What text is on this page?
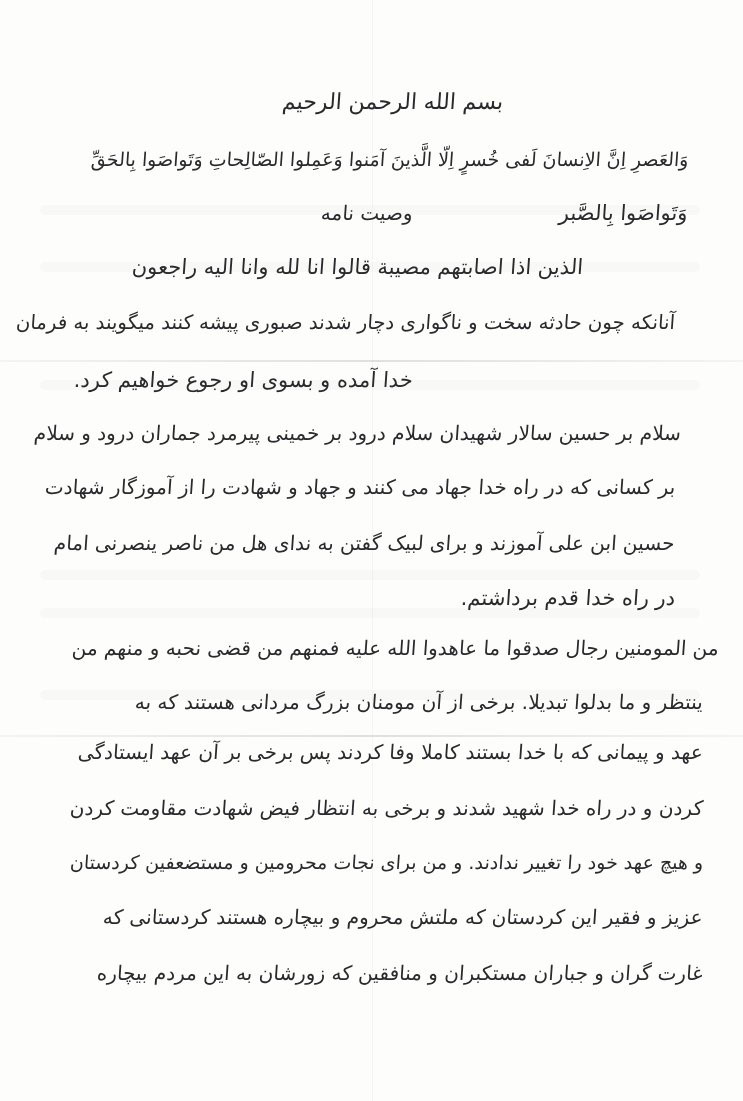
بسم الله الرحمن الرحیم
وَالعَصرِ اِنَّ الاِنسانَ لَفی خُسرٍ اِلّا الَّذینَ آمَنوا وَعَمِلوا الصّالِحاتِ وَتَواصَوا بِالحَقِّ
وَتَواصَوا بِالصَّبر
وصیت نامه
الذین اذا اصابتهم مصیبة قالوا انا لله وانا الیه راجعون
آنانکه چون حادثه سخت و ناگواری دچار شدند صبوری پیشه کنند میگویند به فرمان
خدا آمده و بسوی او رجوع خواهیم کرد.
سلام بر حسین سالار شهیدان سلام درود بر خمینی پیرمرد جماران درود و سلام
بر کسانی که در راه خدا جهاد می کنند و جهاد و شهادت را از آموزگار شهادت
حسین ابن علی آموزند و برای لبیک گفتن به ندای هل من ناصر ینصرنی امام
در راه خدا قدم برداشتم.
من المومنین رجال صدقوا ما عاهدوا الله علیه فمنهم من قضی نحبه و منهم من
ینتظر و ما بدلوا تبدیلا. برخی از آن مومنان بزرگ مردانی هستند که به
عهد و پیمانی که با خدا بستند کاملا وفا کردند پس برخی بر آن عهد ایستادگی
کردن و در راه خدا شهید شدند و برخی به انتظار فیض شهادت مقاومت کردن
و هیچ عهد خود را تغییر ندادند. و من برای نجات محرومین و مستضعفین کردستان
عزیز و فقیر این کردستان که ملتش محروم و بیچاره هستند کردستانی که
غارت گران و جباران مستکبران و منافقین که زورشان به این مردم بیچاره
